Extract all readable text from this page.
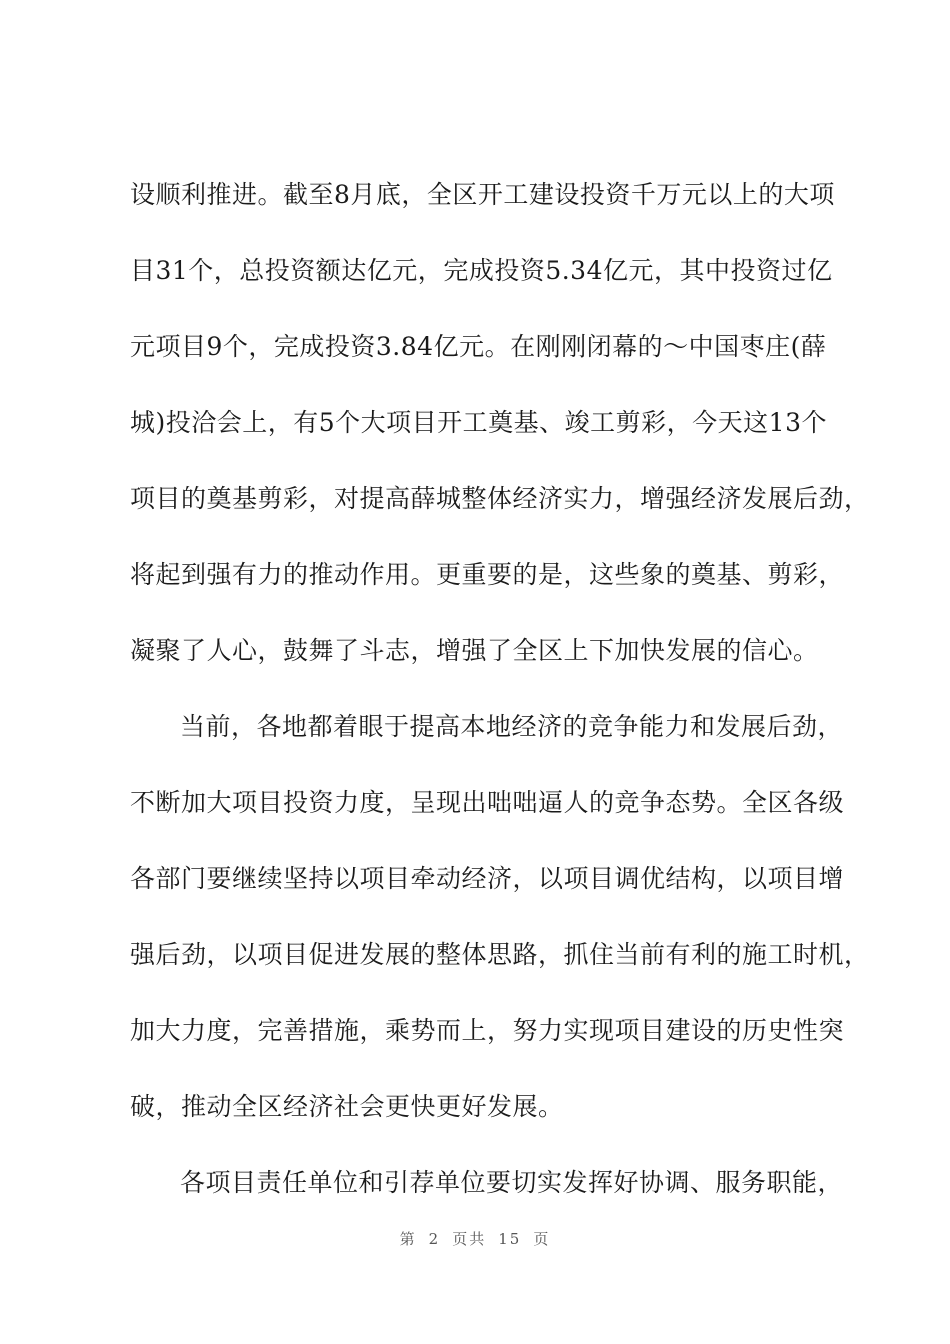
设顺利推进。截至8月底，全区开工建设投资千万元以上的大项
目31个，总投资额达亿元，完成投资5.34亿元，其中投资过亿
元项目9个，完成投资3.84亿元。在刚刚闭幕的～中国枣庄(薛
城)投洽会上，有5个大项目开工奠基、竣工剪彩，今天这13个
项目的奠基剪彩，对提高薛城整体经济实力，增强经济发展后劲，
将起到强有力的推动作用。更重要的是，这些象的奠基、剪彩，
凝聚了人心，鼓舞了斗志，增强了全区上下加快发展的信心。
当前，各地都着眼于提高本地经济的竞争能力和发展后劲，
不断加大项目投资力度，呈现出咄咄逼人的竞争态势。全区各级
各部门要继续坚持以项目牵动经济，以项目调优结构，以项目增
强后劲，以项目促进发展的整体思路，抓住当前有利的施工时机，
加大力度，完善措施，乘势而上，努力实现项目建设的历史性突
破，推动全区经济社会更快更好发展。
各项目责任单位和引荐单位要切实发挥好协调、服务职能，
第 2 页共 15 页
